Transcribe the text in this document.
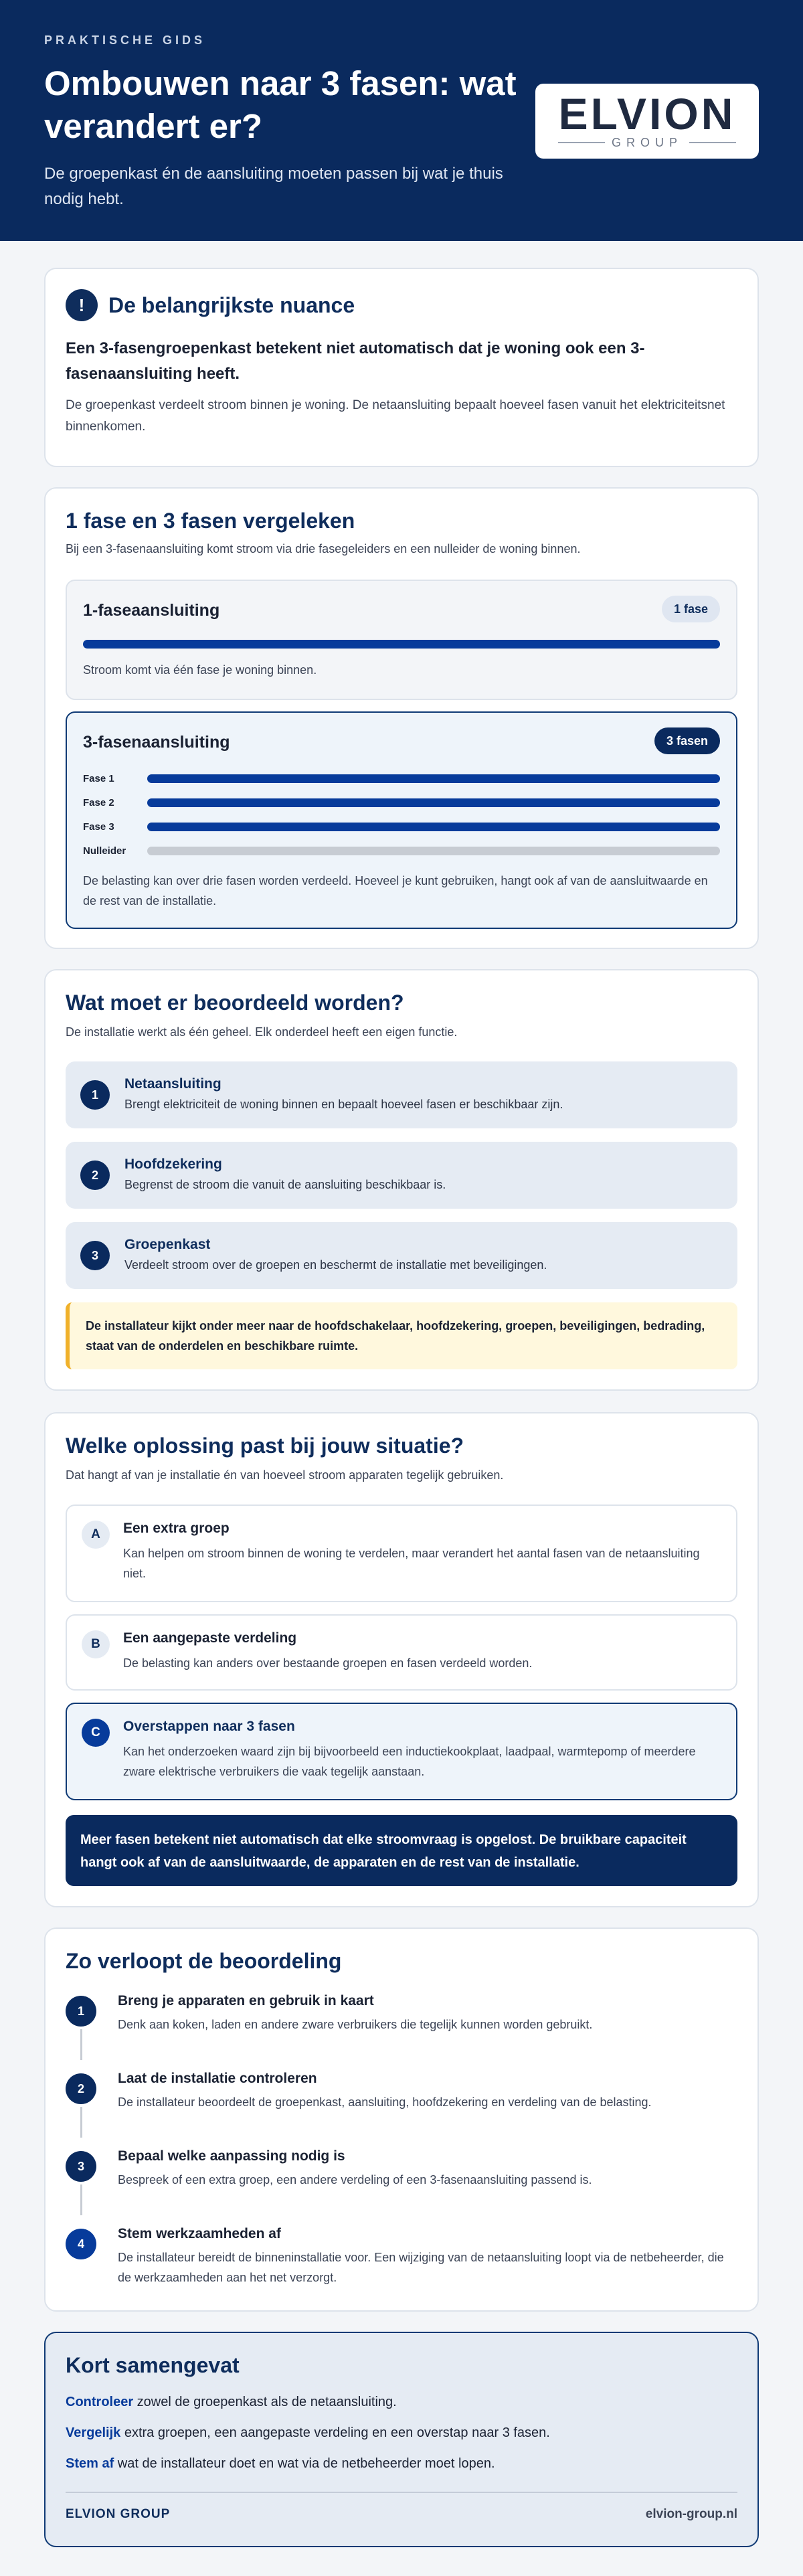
PRAKTISCHE GIDS
Ombouwen naar 3 fasen: wat verandert er?

De groepenkast én de aansluiting moeten passen bij wat je thuis nodig hebt.

ELVION
GROUP
!	De belangrijkste nuance

Een 3-fasengroepenkast betekent niet automatisch dat je woning ook een 3-fasenaansluiting heeft.

De groepenkast verdeelt stroom binnen je woning. De netaansluiting bepaalt hoeveel fasen vanuit het elektriciteitsnet binnenkomen.

1 fase en 3 fasen vergeleken

Bij een 3-fasenaansluiting komt stroom via drie fasegeleiders en een nulleider de woning binnen.

1-faseaansluiting	1 fase
Stroom komt via één fase je woning binnen.
3-fasenaansluiting	3 fasen
Fase 1
Fase 2
Fase 3
Nulleider
De belasting kan over drie fasen worden verdeeld. Hoeveel je kunt gebruiken, hangt ook af van de aansluitwaarde en de rest van de installatie.
Wat moet er beoordeeld worden?

De installatie werkt als één geheel. Elk onderdeel heeft een eigen functie.

1
Netaansluiting
Brengt elektriciteit de woning binnen en bepaalt hoeveel fasen er beschikbaar zijn.
2
Hoofdzekering
Begrenst de stroom die vanuit de aansluiting beschikbaar is.
3
Groepenkast
Verdeelt stroom over de groepen en beschermt de installatie met beveiligingen.
De installateur kijkt onder meer naar de hoofdschakelaar, hoofdzekering, groepen, beveiligingen, bedrading, staat van de onderdelen en beschikbare ruimte.
Welke oplossing past bij jouw situatie?

Dat hangt af van je installatie én van hoeveel stroom apparaten tegelijk gebruiken.

A	Een extra groep
Kan helpen om stroom binnen de woning te verdelen, maar verandert het aantal fasen van de netaansluiting niet.
B	Een aangepaste verdeling
De belasting kan anders over bestaande groepen en fasen verdeeld worden.
C	Overstappen naar 3 fasen
Kan het onderzoeken waard zijn bij bijvoorbeeld een inductiekookplaat, laadpaal, warmtepomp of meerdere zware elektrische verbruikers die vaak tegelijk aanstaan.
Meer fasen betekent niet automatisch dat elke stroomvraag is opgelost. De bruikbare capaciteit hangt ook af van de aansluitwaarde, de apparaten en de rest van de installatie.
Zo verloopt de beoordeling
1
Breng je apparaten en gebruik in kaart
Denk aan koken, laden en andere zware verbruikers die tegelijk kunnen worden gebruikt.
2
Laat de installatie controleren
De installateur beoordeelt de groepenkast, aansluiting, hoofdzekering en verdeling van de belasting.
3
Bepaal welke aanpassing nodig is
Bespreek of een extra groep, een andere verdeling of een 3-fasenaansluiting passend is.
4
Stem werkzaamheden af
De installateur bereidt de binneninstallatie voor. Een wijziging van de netaansluiting loopt via de netbeheerder, die de werkzaamheden aan het net verzorgt.
Kort samengevat
Controleer zowel de groepenkast als de netaansluiting.
Vergelijk extra groepen, een aangepaste verdeling en een overstap naar 3 fasen.
Stem af wat de installateur doet en wat via de netbeheerder moet lopen.
ELVION GROUP	elvion-group.nl
